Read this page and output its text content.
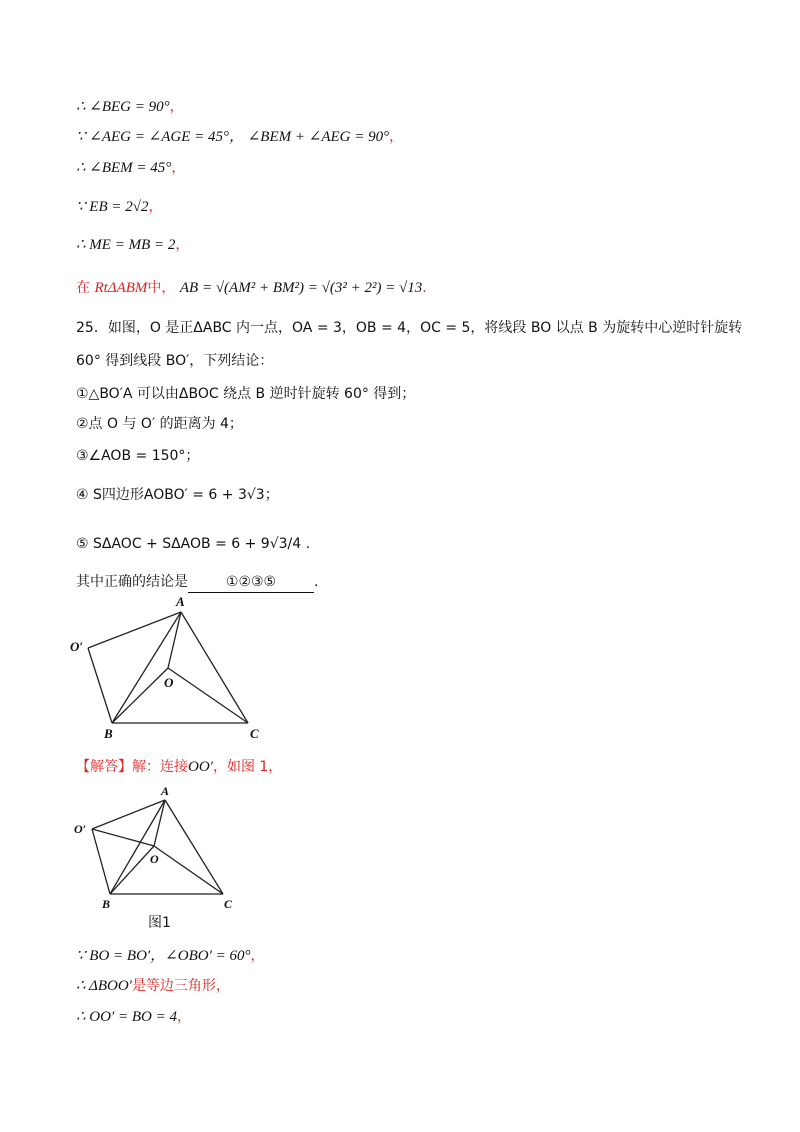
∴ ∠BEG = 90°，
∵ ∠AEG = ∠AGE = 45°， ∠BEM + ∠AEG = 90°，
∴ ∠BEM = 45°，
∵ EB = 2√2，
∴ ME = MB = 2，
在 RtΔABM中， AB = √(AM² + BM²) = √(3² + 2²) = √13.
25．如图，O 是正ΔABC 内一点，OA = 3，OB = 4，OC = 5，将线段 BO 以点 B 为旋转中心逆时针旋转
60° 得到线段 BO′，下列结论：
①△BO′A 可以由ΔBOC 绕点 B 逆时针旋转 60° 得到；
②点 O 与 O′ 的距离为 4；
③∠AOB = 150°；
④ S四边形AOBO′ = 6 + 3√3；
⑤ SΔAOC + SΔAOB = 6 + 9√3/4 .
其中正确的结论是	①②③⑤	.
A
O′
O
B	C
【解答】解：连接OO′，如图 1，
A
O′
O
B	C
图1
∵ BO = BO′，∠OBO′ = 60°，
∴ ΔBOO′是等边三角形，
∴ OO′ = BO = 4，
